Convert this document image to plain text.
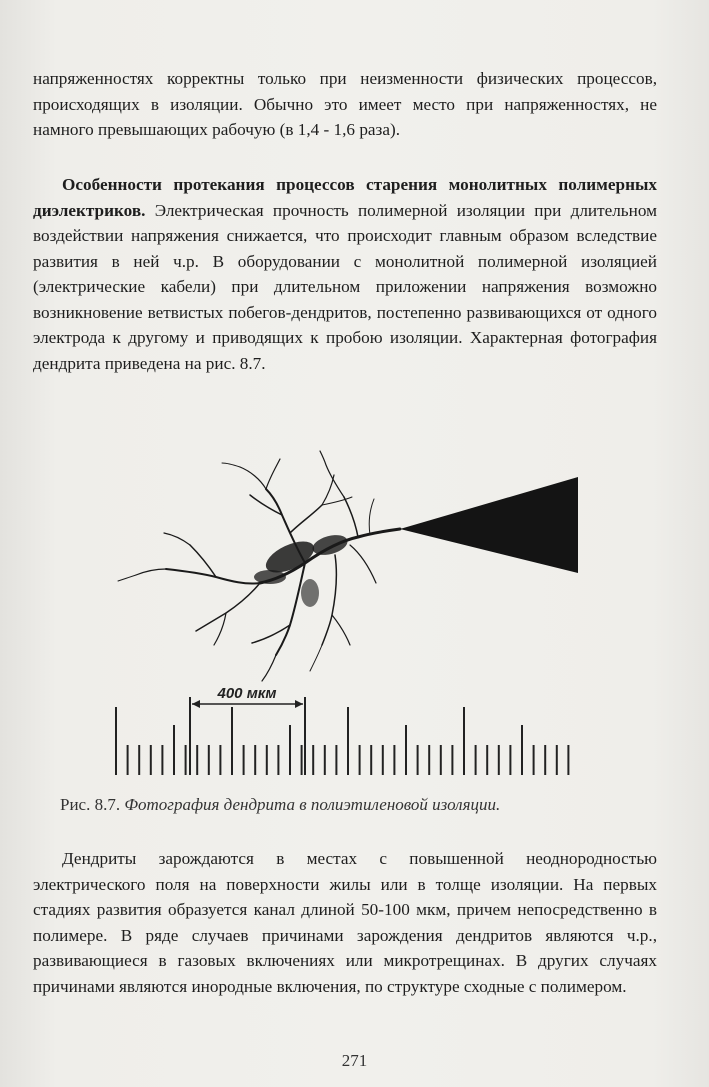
напряженностях корректны только при неизменности физических процессов, происходящих в изоляции. Обычно это имеет место при напряженностях, не намного превышающих рабочую (в 1,4 - 1,6 раза).

Особенности протекания процессов старения монолитных полимерных диэлектриков. Электрическая прочность полимерной изоляции при длительном воздействии напряжения снижается, что происходит главным образом вследствие развития в ней ч.р. В оборудовании с монолитной полимерной изоляцией (электрические кабели) при длительном приложении напряжения возможно возникновение ветвистых побегов-дендритов, постепенно развивающихся от одного электрода к другому и приводящих к пробою изоляции. Характерная фотография дендрита приведена на рис. 8.7.

400 мкм
Рис. 8.7. Фотография дендрита в полиэтиленовой изоляции.

Дендриты зарождаются в местах с повышенной неоднородностью электрического поля на поверхности жилы или в толще изоляции. На первых стадиях развития образуется канал длиной 50-100 мкм, причем непосредственно в полимере. В ряде случаев причинами зарождения дендритов являются ч.р., развивающиеся в газовых включениях или микротрещинах. В других случаях причинами являются инородные включения, по структуре сходные с полимером.

271
